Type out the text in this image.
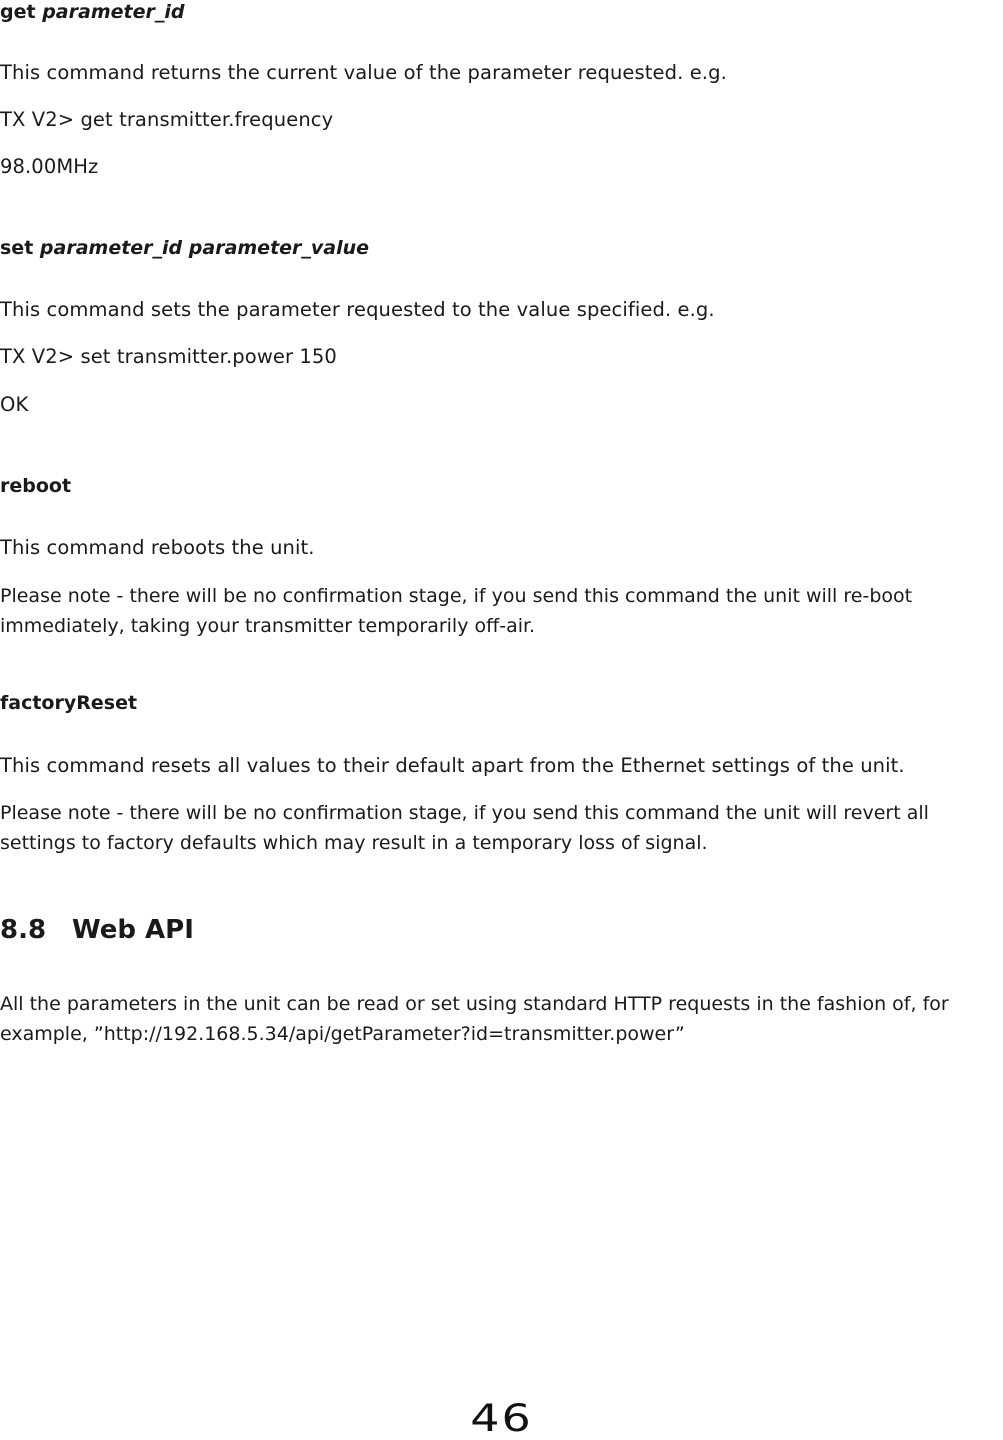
get parameter_id

This command returns the current value of the parameter requested. e.g.

TX V2> get transmitter.frequency

98.00MHz

set parameter_id parameter_value

This command sets the parameter requested to the value specified. e.g.

TX V2> set transmitter.power 150

OK

reboot

This command reboots the unit.

Please note - there will be no confirmation stage, if you send this command the unit will re-boot immediately, taking your transmitter temporarily off-air.

factoryReset

This command resets all values to their default apart from the Ethernet settings of the unit.

Please note - there will be no confirmation stage, if you send this command the unit will revert all settings to factory defaults which may result in a temporary loss of signal.

8.8 Web API

All the parameters in the unit can be read or set using standard HTTP requests in the fashion of, for example, ”http://192.168.5.34/api/getParameter?id=transmitter.power”

46
